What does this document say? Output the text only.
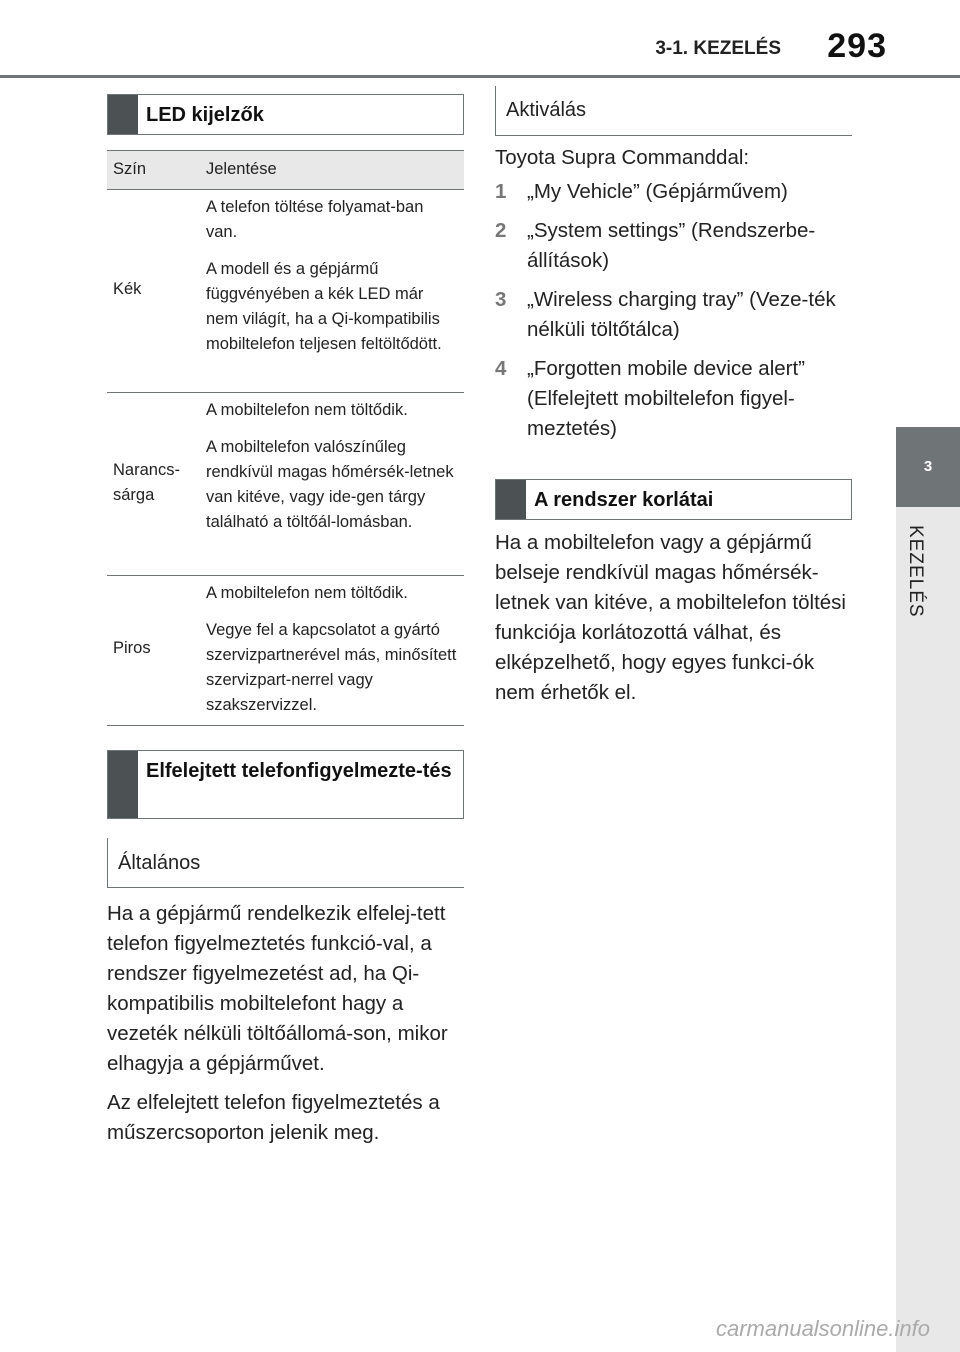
3-1. KEZELÉS 293
3
KEZELÉS
LED kijelzők
Szín	Jelentése
Kék

A telefon töltése folyamat-ban van.

A modell és a gépjármű függvényében a kék LED már nem világít, ha a Qi-kompatibilis mobiltelefon teljesen feltöltődött.

Narancs-sárga

A mobiltelefon nem töltődik.

A mobiltelefon valószínűleg rendkívül magas hőmérsék-letnek van kitéve, vagy ide-gen tárgy található a töltőál-lomásban.

Piros

A mobiltelefon nem töltődik.

Vegye fel a kapcsolatot a gyártó szervizpartnerével más, minősített szervizpart-nerrel vagy szakszervizzel.

Elfelejtett telefonfigyelmezte-tés
Általános

Ha a gépjármű rendelkezik elfelej-tett telefon figyelmeztetés funkció-val, a rendszer figyelmezetést ad, ha Qi-kompatibilis mobiltelefont hagy a vezeték nélküli töltőállomá-son, mikor elhagyja a gépjárművet.

Az elfelejtett telefon figyelmeztetés a műszercsoporton jelenik meg.

Aktiválás
Toyota Supra Commanddal:
1 „My Vehicle” (Gépjárművem)
2 „System settings” (Rendszerbe-állítások)
3 „Wireless charging tray” (Veze-ték nélküli töltőtálca)
4 „Forgotten mobile device alert” (Elfelejtett mobiltelefon figyel-meztetés)
A rendszer korlátai
Ha a mobiltelefon vagy a gépjármű belseje rendkívül magas hőmérsék-letnek van kitéve, a mobiltelefon töltési funkciója korlátozottá válhat, és elképzelhető, hogy egyes funkci-ók nem érhetők el.
carmanualsonline.info
